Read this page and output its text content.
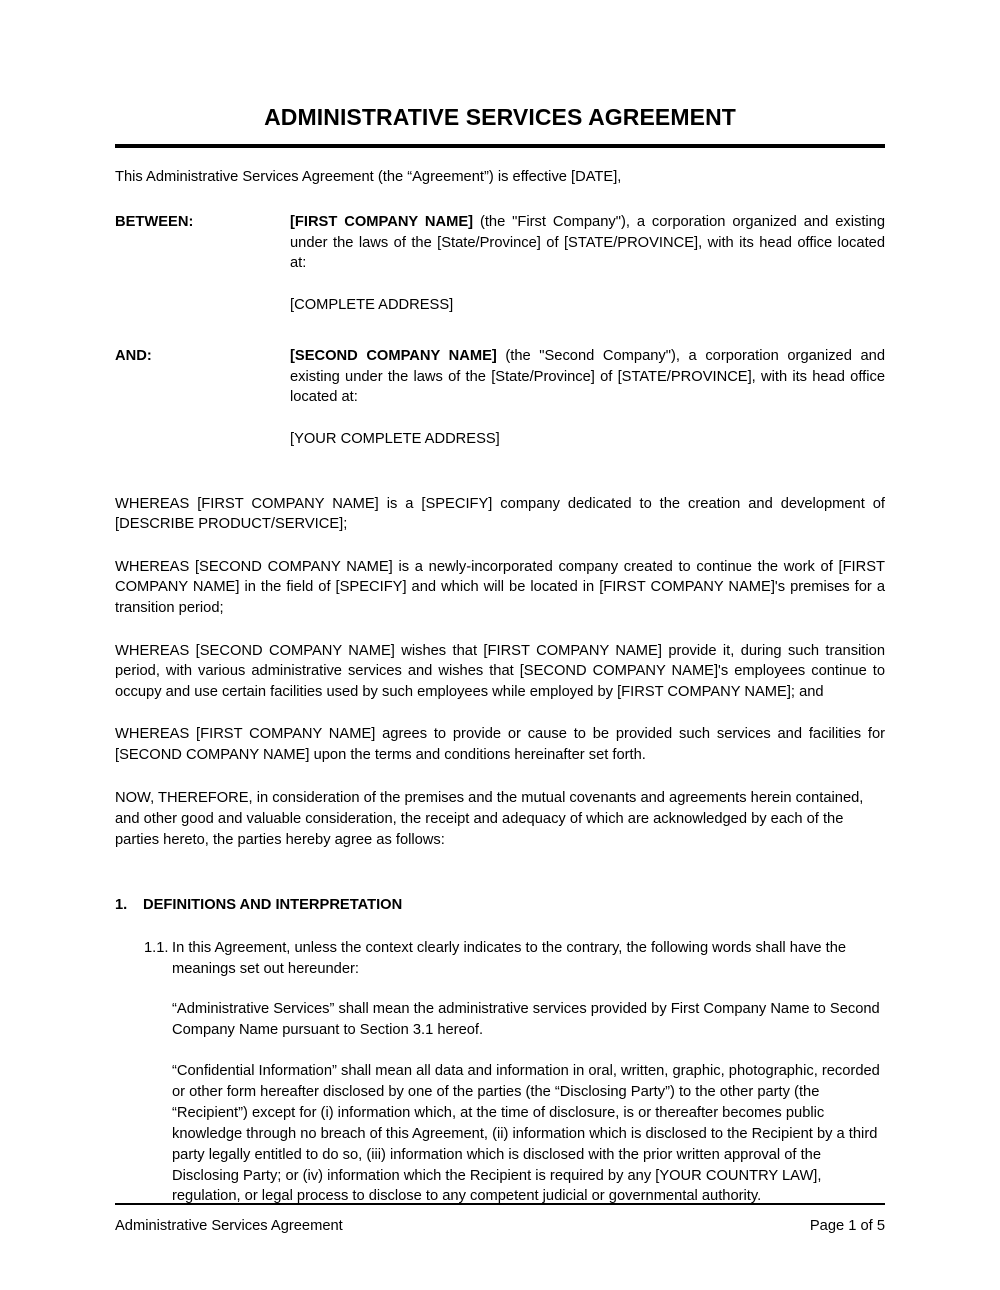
ADMINISTRATIVE SERVICES AGREEMENT

This Administrative Services Agreement (the “Agreement”) is effective [DATE],

BETWEEN:	[FIRST COMPANY NAME] (the "First Company"), a corporation organized and existing under the laws of the [State/Province] of [STATE/PROVINCE], with its head office located at:

[COMPLETE ADDRESS]

AND:	[SECOND COMPANY NAME] (the "Second Company"), a corporation organized and existing under the laws of the [State/Province] of [STATE/PROVINCE], with its head office located at:

[YOUR COMPLETE ADDRESS]

WHEREAS [FIRST COMPANY NAME] is a [SPECIFY] company dedicated to the creation and development of [DESCRIBE PRODUCT/SERVICE];

WHEREAS [SECOND COMPANY NAME] is a newly-incorporated company created to continue the work of [FIRST COMPANY NAME] in the field of [SPECIFY] and which will be located in [FIRST COMPANY NAME]'s premises for a transition period;

WHEREAS [SECOND COMPANY NAME] wishes that [FIRST COMPANY NAME] provide it, during such transition period, with various administrative services and wishes that [SECOND COMPANY NAME]'s employees continue to occupy and use certain facilities used by such employees while employed by [FIRST COMPANY NAME]; and

WHEREAS [FIRST COMPANY NAME] agrees to provide or cause to be provided such services and facilities for [SECOND COMPANY NAME] upon the terms and conditions hereinafter set forth.

NOW, THEREFORE, in consideration of the premises and the mutual covenants and agreements herein contained, and other good and valuable consideration, the receipt and adequacy of which are acknowledged by each of the parties hereto, the parties hereby agree as follows:

1.	DEFINITIONS AND INTERPRETATION
1.1. In this Agreement, unless the context clearly indicates to the contrary, the following words shall have the meanings set out hereunder:

“Administrative Services” shall mean the administrative services provided by First Company Name to Second Company Name pursuant to Section 3.1 hereof.

“Confidential Information” shall mean all data and information in oral, written, graphic, photographic, recorded or other form hereafter disclosed by one of the parties (the “Disclosing Party”) to the other party (the “Recipient”) except for (i) information which, at the time of disclosure, is or thereafter becomes public knowledge through no breach of this Agreement, (ii) information which is disclosed to the Recipient by a third party legally entitled to do so, (iii) information which is disclosed with the prior written approval of the Disclosing Party; or (iv) information which the Recipient is required by any [YOUR COUNTRY LAW], regulation, or legal process to disclose to any competent judicial or governmental authority.

Administrative Services Agreement	Page 1 of 5
